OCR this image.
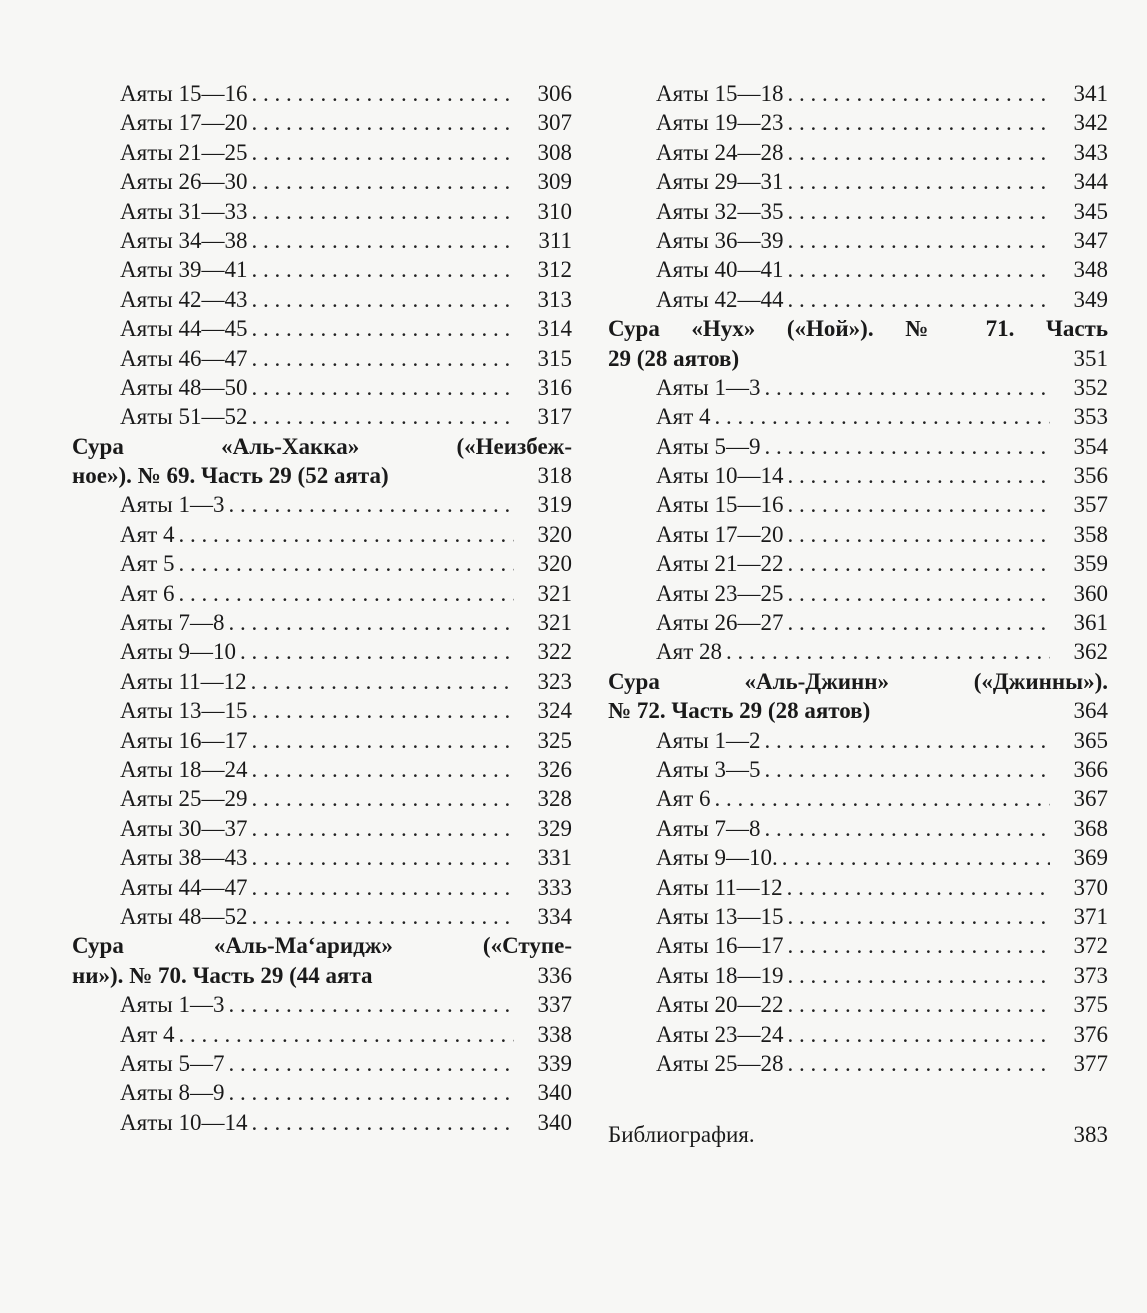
Аяты 15—16 . . .	306
Аяты 17—20 . . .	307
Аяты 21—25 . . .	308
Аяты 26—30 . . .	309
Аяты 31—33 . . .	310
Аяты 34—38 . . .	311
Аяты 39—41 . . .	312
Аяты 42—43 . . .	313
Аяты 44—45 . . .	314
Аяты 46—47 . . .	315
Аяты 48—50 . . .	316
Аяты 51—52 . . .	317
Сура «Аль-Хакка» («Неизбеж-
ное»). № 69. Часть 29 (52 аята)	318
Аяты 1—3 . . .	319
Аят 4 . . .	320
Аят 5 . . .	320
Аят 6 . . .	321
Аяты 7—8 . . .	321
Аяты 9—10 . . .	322
Аяты 11—12 . . .	323
Аяты 13—15 . . .	324
Аяты 16—17 . . .	325
Аяты 18—24 . . .	326
Аяты 25—29 . . .	328
Аяты 30—37 . . .	329
Аяты 38—43 . . .	331
Аяты 44—47 . . .	333
Аяты 48—52 . . .	334
Сура «Аль-Ма‘аридж» («Ступе-
ни»). № 70. Часть 29 (44 аята	336
Аяты 1—3 . . .	337
Аят 4 . . .	338
Аяты 5—7 . . .	339
Аяты 8—9 . . .	340
Аяты 10—14 . . .	340
Аяты 15—18 . . .	341
Аяты 19—23 . . .	342
Аяты 24—28 . . .	343
Аяты 29—31 . . .	344
Аяты 32—35 . . .	345
Аяты 36—39 . . .	347
Аяты 40—41 . . .	348
Аяты 42—44 . . .	349
Сура «Нух» («Ной»). № 71. Часть
29 (28 аятов)	351
Аяты 1—3 . . .	352
Аят 4 . . .	353
Аяты 5—9 . . .	354
Аяты 10—14 . . .	356
Аяты 15—16 . . .	357
Аяты 17—20 . . .	358
Аяты 21—22 . . .	359
Аяты 23—25 . . .	360
Аяты 26—27 . . .	361
Аят 28 . . .	362
Сура «Аль-Джинн» («Джинны»).
№ 72. Часть 29 (28 аятов)	364
Аяты 1—2 . . .	365
Аяты 3—5 . . .	366
Аят 6 . . .	367
Аяты 7—8 . . .	368
Аяты 9—10. . . .	369
Аяты 11—12 . . .	370
Аяты 13—15 . . .	371
Аяты 16—17 . . .	372
Аяты 18—19 . . .	373
Аяты 20—22 . . .	375
Аяты 23—24 . . .	376
Аяты 25—28 . . .	377
Библиография.	383
